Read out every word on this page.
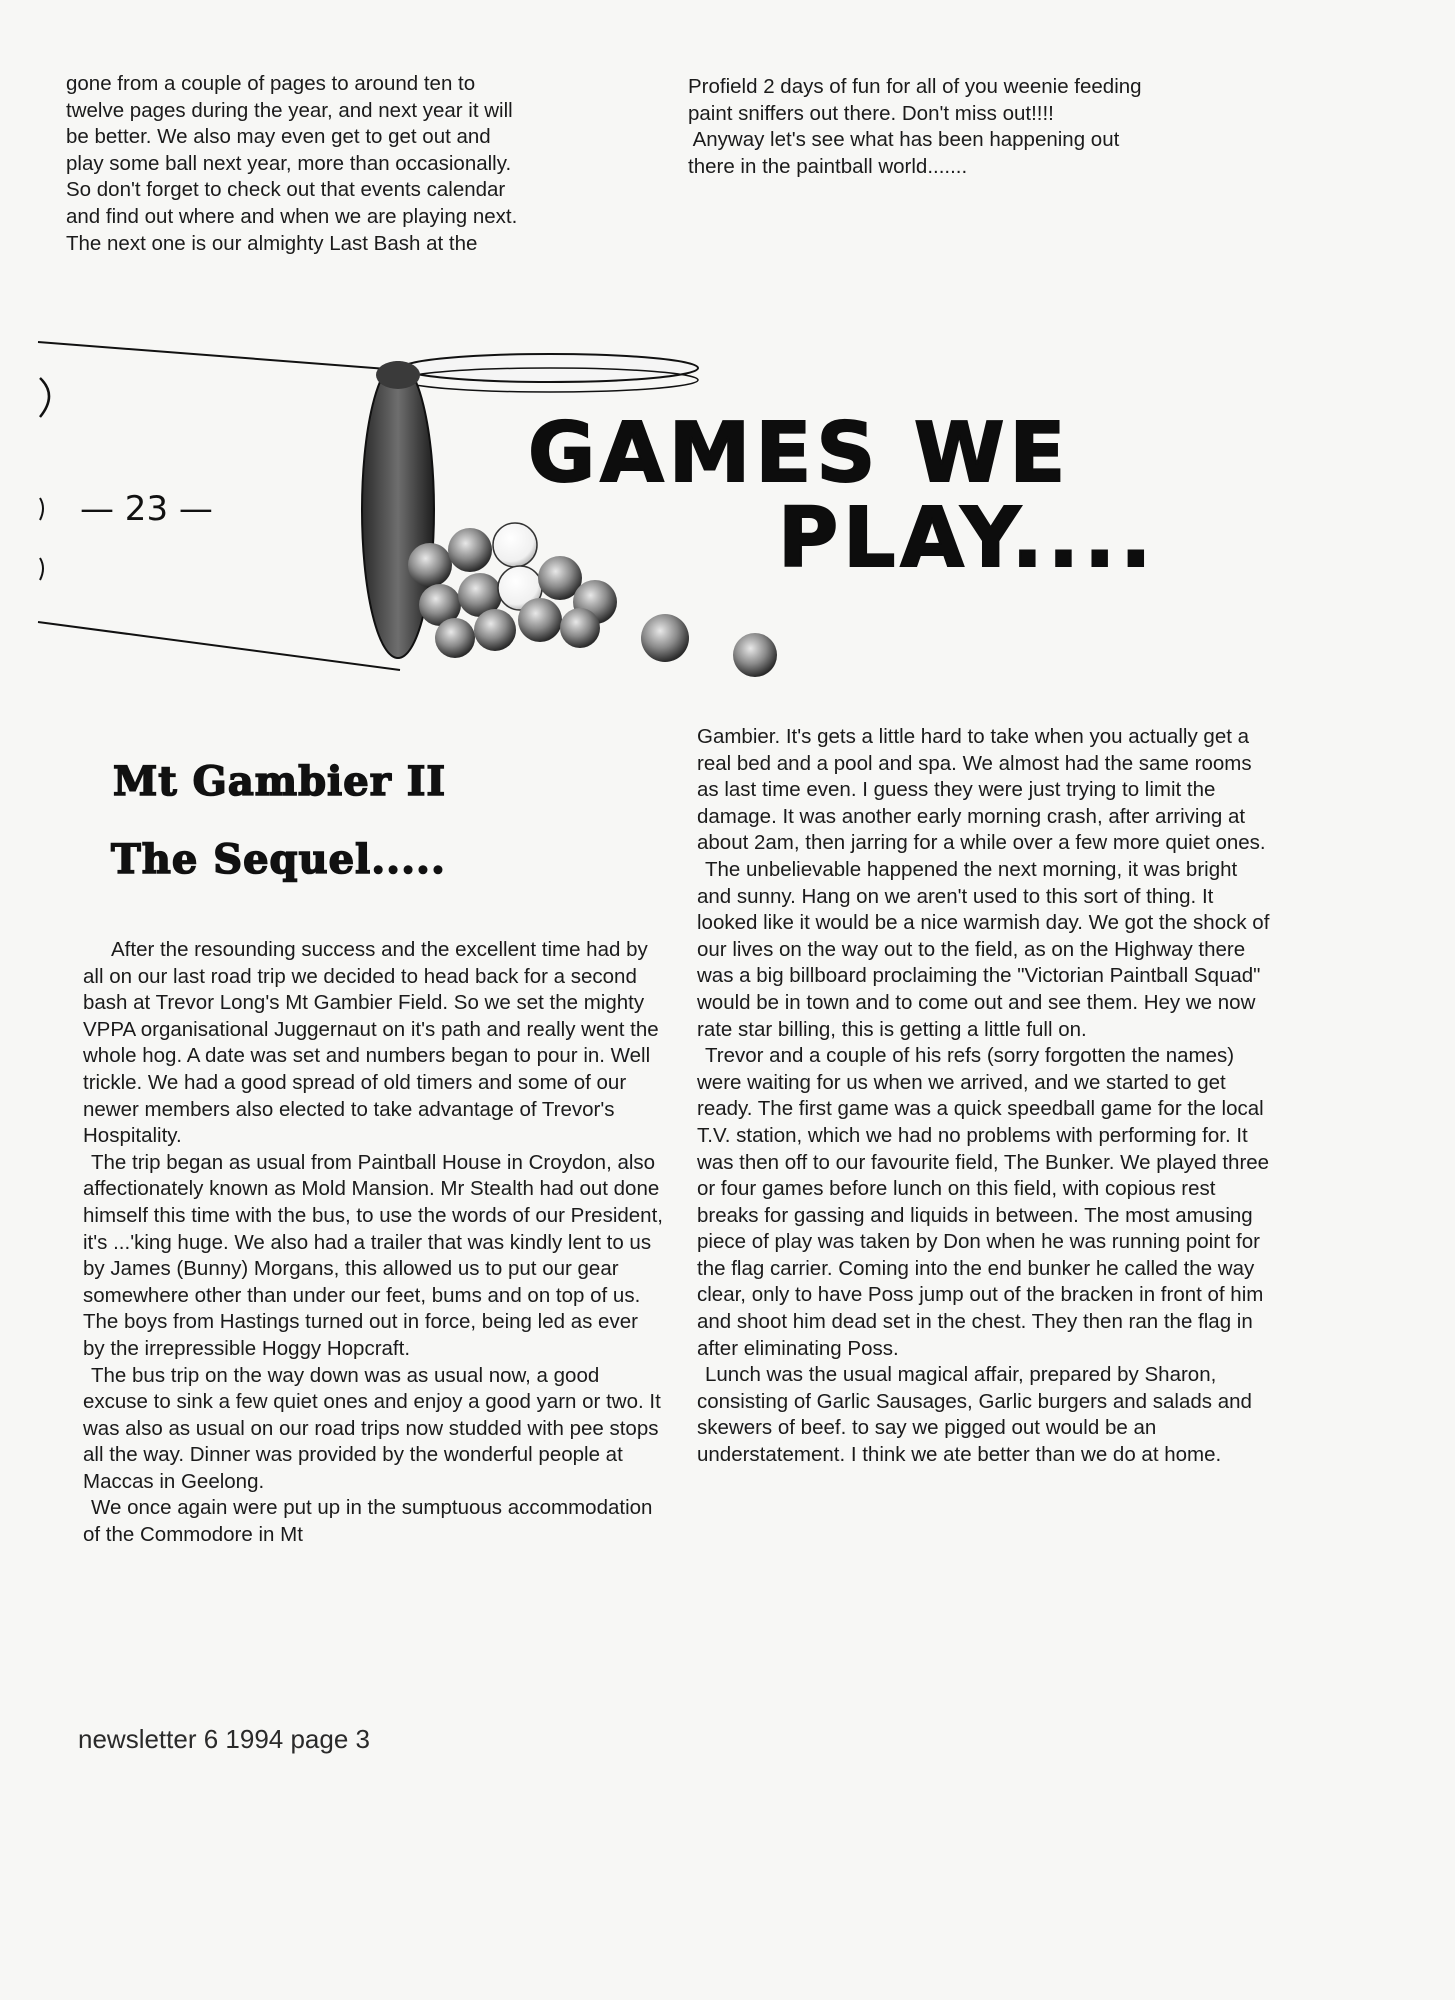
gone from a couple of pages to around ten to

twelve pages during the year, and next year it will

be better. We also may even get to get out and

play some ball next year, more than occasionally.

So don't forget to check out that events calendar

and find out where and when we are playing next.

The next one is our almighty Last Bash at the

Profield 2 days of fun for all of you weenie feeding

paint sniffers out there. Don't miss out!!!!

Anyway let's see what has been happening out

there in the paintball world.......

— 23 —
GAMES WE
PLAY....
Mt Gambier II
The Sequel.....

After the resounding success and the excellent time had by all on our last road trip we decided to head back for a second bash at Trevor Long's Mt Gambier Field. So we set the mighty VPPA organisational Juggernaut on it's path and really went the whole hog. A date was set and numbers began to pour in. Well trickle. We had a good spread of old timers and some of our newer members also elected to take advantage of Trevor's Hospitality.

The trip began as usual from Paintball House in Croydon, also affectionately known as Mold Mansion. Mr Stealth had out done himself this time with the bus, to use the words of our President, it's ...'king huge. We also had a trailer that was kindly lent to us by James (Bunny) Morgans, this allowed us to put our gear somewhere other than under our feet, bums and on top of us. The boys from Hastings turned out in force, being led as ever by the irrepressible Hoggy Hopcraft.

The bus trip on the way down was as usual now, a good excuse to sink a few quiet ones and enjoy a good yarn or two. It was also as usual on our road trips now studded with pee stops all the way. Dinner was provided by the wonderful people at Maccas in Geelong.

We once again were put up in the sumptuous accommodation of the Commodore in Mt

Gambier. It's gets a little hard to take when you actually get a real bed and a pool and spa. We almost had the same rooms as last time even. I guess they were just trying to limit the damage. It was another early morning crash, after arriving at about 2am, then jarring for a while over a few more quiet ones.

The unbelievable happened the next morning, it was bright and sunny. Hang on we aren't used to this sort of thing. It looked like it would be a nice warmish day. We got the shock of our lives on the way out to the field, as on the Highway there was a big billboard proclaiming the "Victorian Paintball Squad" would be in town and to come out and see them. Hey we now rate star billing, this is getting a little full on.

Trevor and a couple of his refs (sorry forgotten the names) were waiting for us when we arrived, and we started to get ready. The first game was a quick speedball game for the local T.V. station, which we had no problems with performing for. It was then off to our favourite field, The Bunker. We played three or four games before lunch on this field, with copious rest breaks for gassing and liquids in between. The most amusing piece of play was taken by Don when he was running point for the flag carrier. Coming into the end bunker he called the way clear, only to have Poss jump out of the bracken in front of him and shoot him dead set in the chest. They then ran the flag in after eliminating Poss.

Lunch was the usual magical affair, prepared by Sharon, consisting of Garlic Sausages, Garlic burgers and salads and skewers of beef. to say we pigged out would be an understatement. I think we ate better than we do at home.

newsletter 6 1994 page 3
